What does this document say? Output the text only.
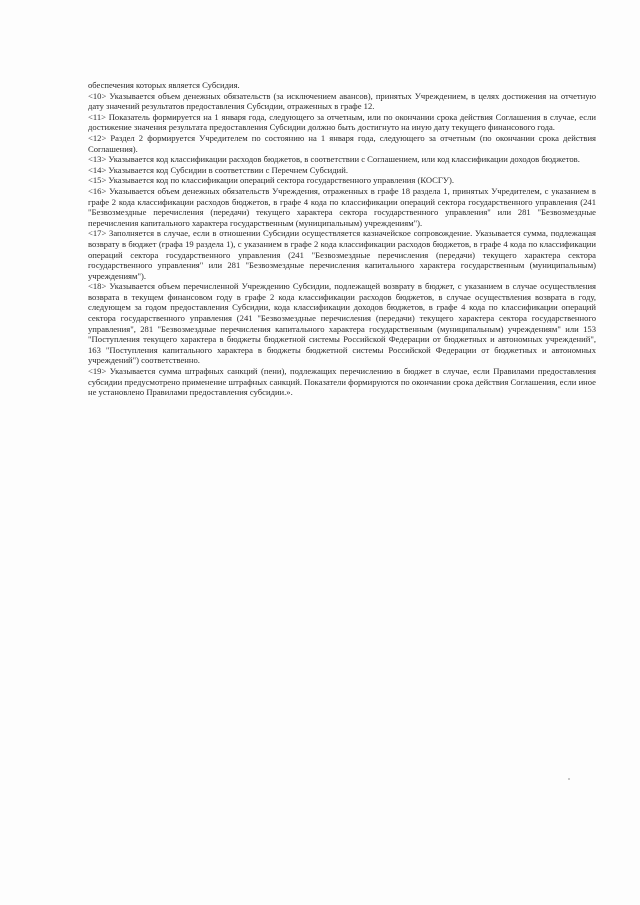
обеспечения которых является Субсидия.

<10> Указывается объем денежных обязательств (за исключением авансов), принятых Учреждением, в целях достижения на отчетную дату значений результатов предоставления Субсидии, отраженных в графе 12.

<11> Показатель формируется на 1 января года, следующего за отчетным, или по окончании срока действия Соглашения в случае, если достижение значения результата предоставления Субсидии должно быть достигнуто на иную дату текущего финансового года.

<12> Раздел 2 формируется Учредителем по состоянию на 1 января года, следующего за отчетным (по окончании срока действия Соглашения).

<13> Указывается код классификации расходов бюджетов, в соответствии с Соглашением, или код классификации доходов бюджетов.

<14> Указывается код Субсидии в соответствии с Перечнем Субсидий.

<15> Указывается код по классификации операций сектора государственного управления (КОСГУ).

<16> Указывается объем денежных обязательств Учреждения, отраженных в графе 18 раздела 1, принятых Учредителем, с указанием в графе 2 кода классификации расходов бюджетов, в графе 4 кода по классификации операций сектора государственного управления (241 "Безвозмездные перечисления (передачи) текущего характера сектора государственного управления" или 281 "Безвозмездные перечисления капитального характера государственным (муниципальным) учреждениям").

<17> Заполняется в случае, если в отношении Субсидии осуществляется казначейское сопровождение. Указывается сумма, подлежащая возврату в бюджет (графа 19 раздела 1), с указанием в графе 2 кода классификации расходов бюджетов, в графе 4 кода по классификации операций сектора государственного управления (241 "Безвозмездные перечисления (передачи) текущего характера сектора государственного управления" или 281 "Безвозмездные перечисления капитального характера государственным (муниципальным) учреждениям").

<18> Указывается объем перечисленной Учреждению Субсидии, подлежащей возврату в бюджет, с указанием в случае осуществления возврата в текущем финансовом году в графе 2 кода классификации расходов бюджетов, в случае осуществления возврата в году, следующем за годом предоставления Субсидии, кода классификации доходов бюджетов, в графе 4 кода по классификации операций сектора государственного управления (241 "Безвозмездные перечисления (передачи) текущего характера сектора государственного управления", 281 "Безвозмездные перечисления капитального характера государственным (муниципальным) учреждениям" или 153 "Поступления текущего характера в бюджеты бюджетной системы Российской Федерации от бюджетных и автономных учреждений", 163 "Поступления капитального характера в бюджеты бюджетной системы Российской Федерации от бюджетных и автономных учреждений") соответственно.

<19> Указывается сумма штрафных санкций (пени), подлежащих перечислению в бюджет в случае, если Правилами предоставления субсидии предусмотрено применение штрафных санкций. Показатели формируются по окончании срока действия Соглашения, если иное не установлено Правилами предоставления субсидии.».
